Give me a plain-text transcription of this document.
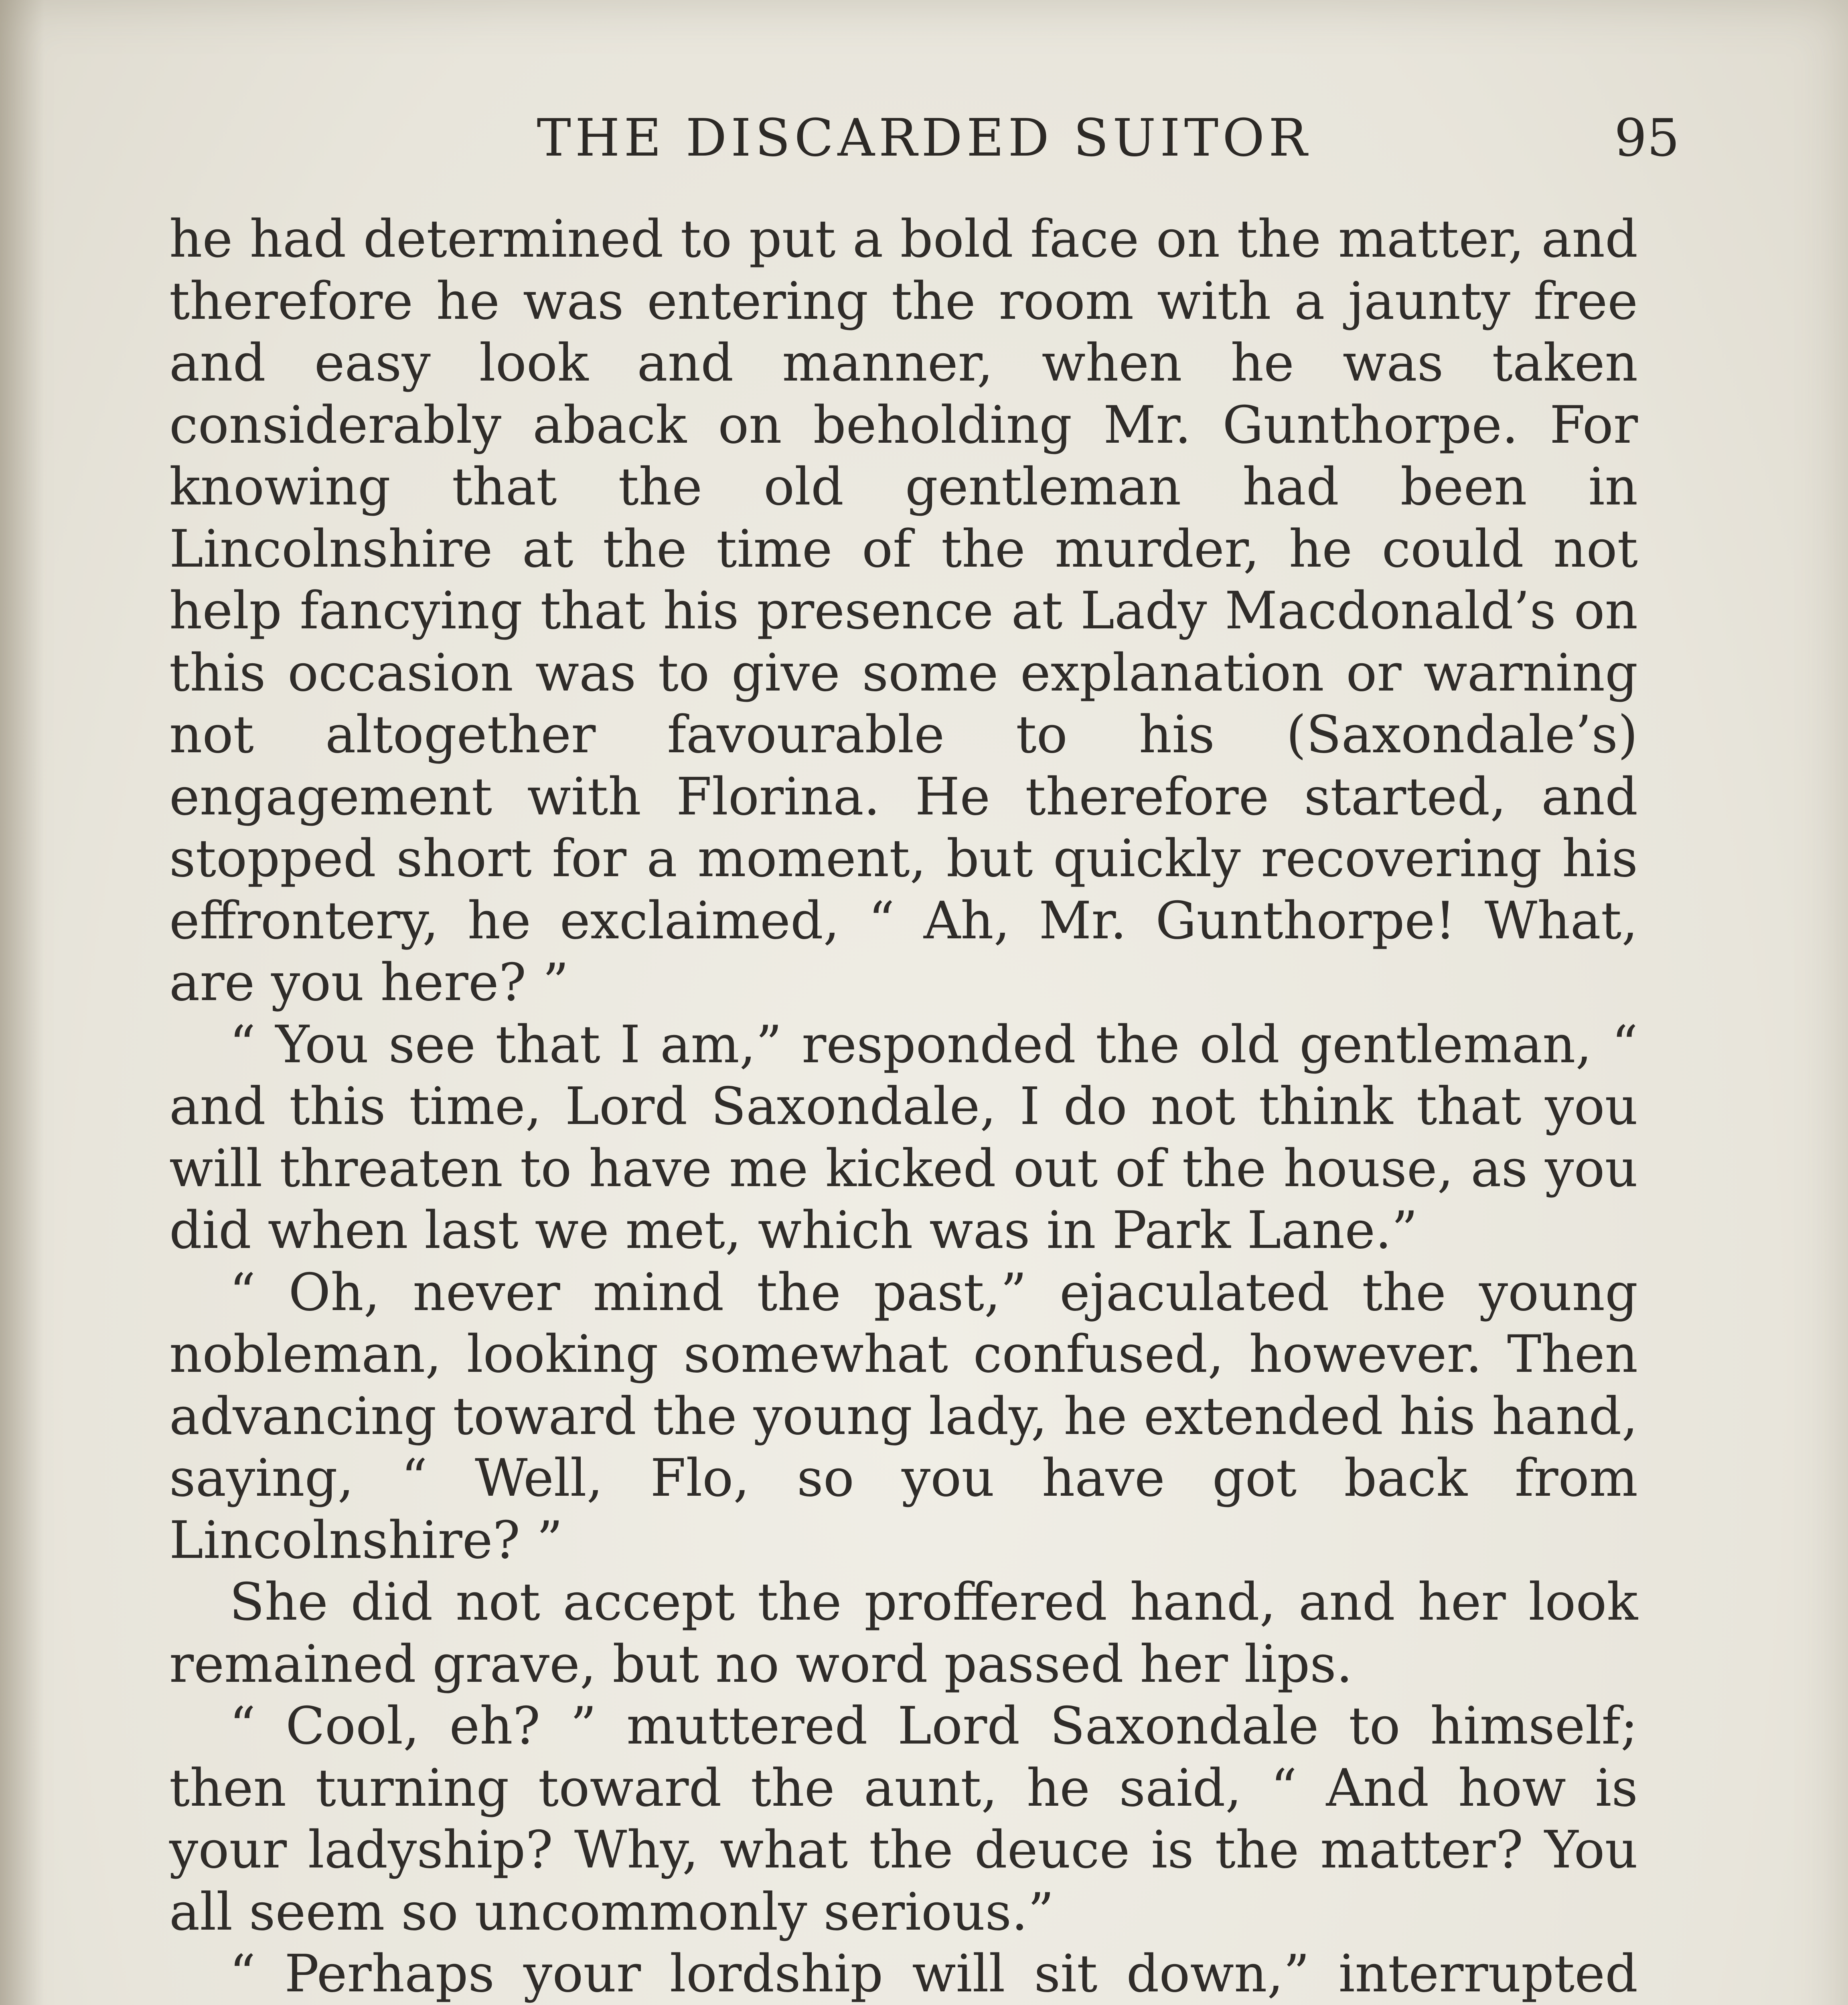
THE DISCARDED SUITOR	95

he had determined to put a bold face on the matter, and therefore he was entering the room with a jaunty free and easy look and manner, when he was taken considerably aback on beholding Mr. Gunthorpe. For knowing that the old gentleman had been in Lincolnshire at the time of the murder, he could not help fancying that his presence at Lady Macdonald’s on this occasion was to give some explanation or warning not altogether favourable to his (Saxondale’s) engagement with Florina. He therefore started, and stopped short for a moment, but quickly recovering his effrontery, he exclaimed, “ Ah, Mr. Gunthorpe! What, are you here? ”

“ You see that I am,” responded the old gentleman, “ and this time, Lord Saxondale, I do not think that you will threaten to have me kicked out of the house, as you did when last we met, which was in Park Lane.”

“ Oh, never mind the past,” ejaculated the young nobleman, looking somewhat confused, however. Then advancing toward the young lady, he extended his hand, saying, “ Well, Flo, so you have got back from Lincolnshire? ”

She did not accept the proffered hand, and her look remained grave, but no word passed her lips.

“ Cool, eh? ” muttered Lord Saxondale to himself; then turning toward the aunt, he said, “ And how is your ladyship? Why, what the deuce is the matter? You all seem so uncommonly serious.”

“ Perhaps your lordship will sit down,” interrupted
